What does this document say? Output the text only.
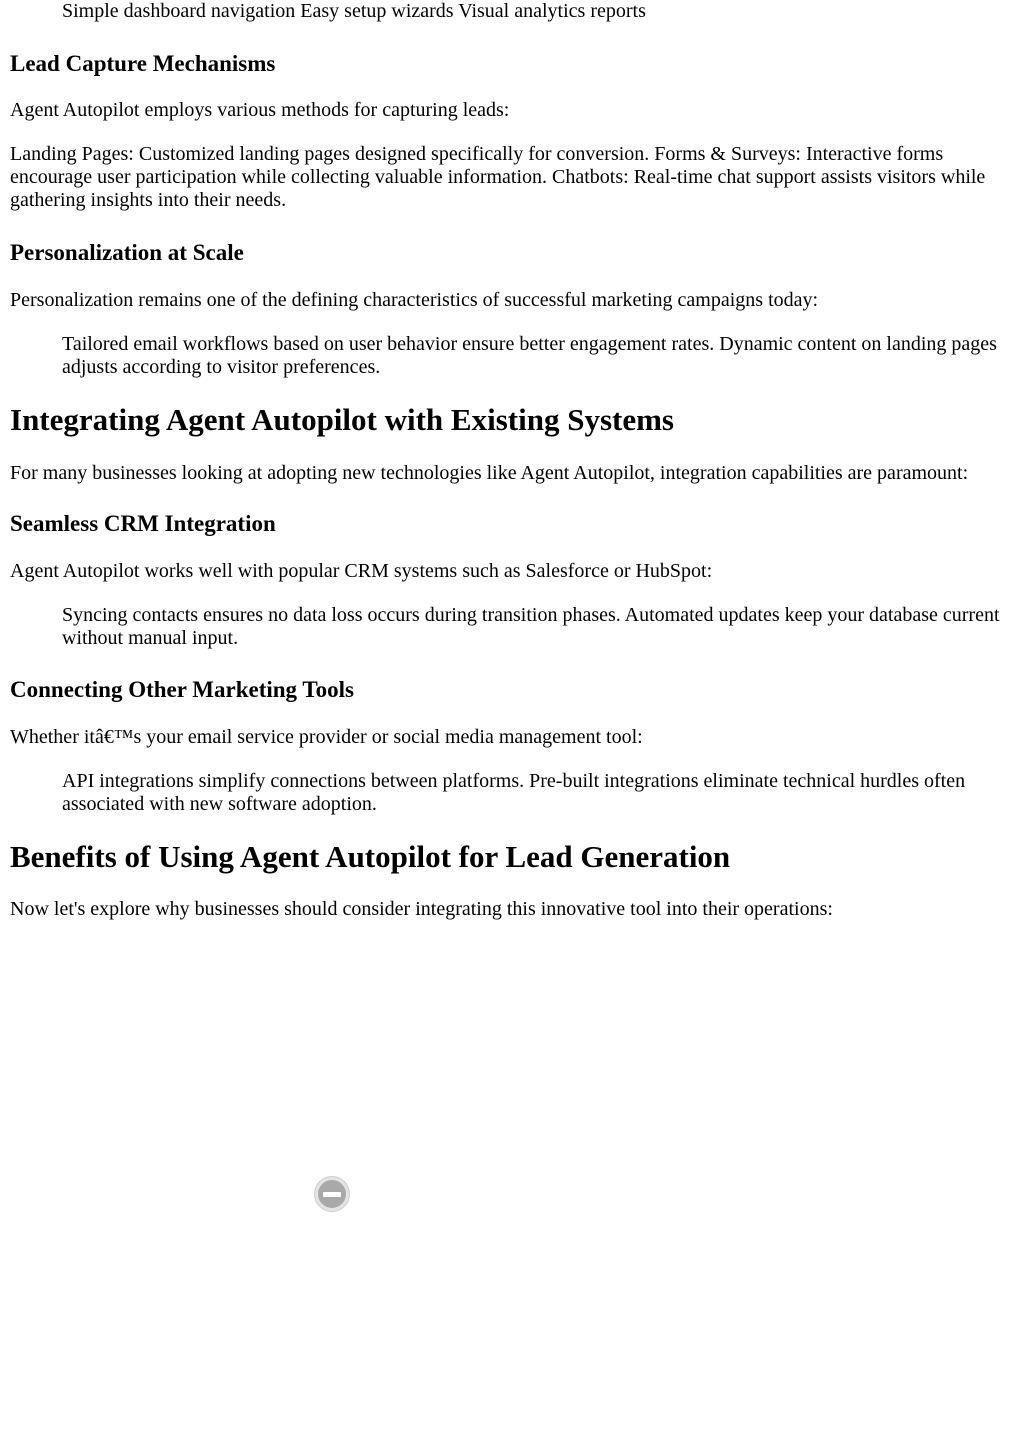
Simple dashboard navigation Easy setup wizards Visual analytics reports
Lead Capture Mechanisms

Agent Autopilot employs various methods for capturing leads:

Landing Pages: Customized landing pages designed specifically for conversion. Forms & Surveys: Interactive forms encourage user participation while collecting valuable information. Chatbots: Real-time chat support assists visitors while gathering insights into their needs.

Personalization at Scale

Personalization remains one of the defining characteristics of successful marketing campaigns today:

Tailored email workflows based on user behavior ensure better engagement rates. Dynamic content on landing pages adjusts according to visitor preferences.
Integrating Agent Autopilot with Existing Systems

For many businesses looking at adopting new technologies like Agent Autopilot, integration capabilities are paramount:

Seamless CRM Integration

Agent Autopilot works well with popular CRM systems such as Salesforce or HubSpot:

Syncing contacts ensures no data loss occurs during transition phases. Automated updates keep your database current without manual input.
Connecting Other Marketing Tools

Whether itâ€™s your email service provider or social media management tool:

API integrations simplify connections between platforms. Pre-built integrations eliminate technical hurdles often associated with new software adoption.
Benefits of Using Agent Autopilot for Lead Generation

Now let's explore why businesses should consider integrating this innovative tool into their operations:
